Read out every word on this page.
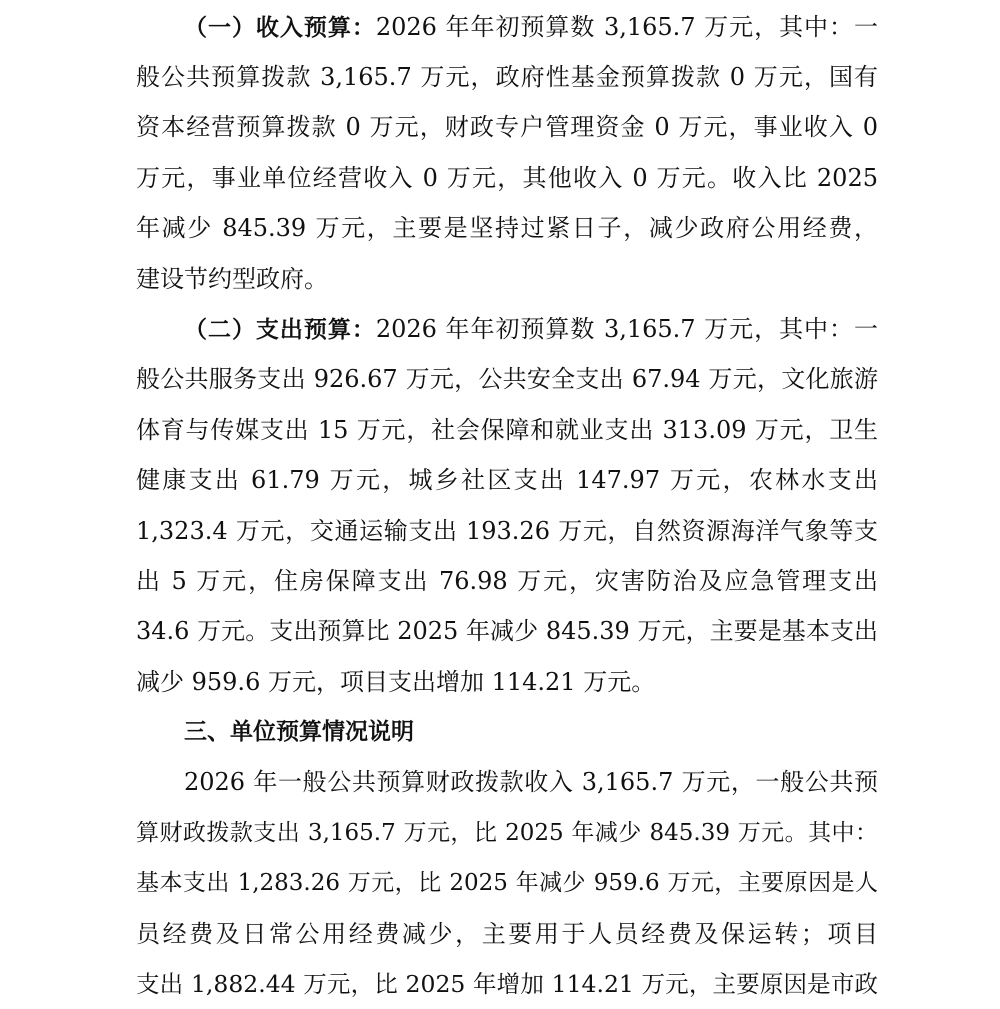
（一）收入预算：2026 年年初预算数 3,165.7 万元，其中：一
般公共预算拨款 3,165.7 万元，政府性基金预算拨款 0 万元，国有
资本经营预算拨款 0 万元，财政专户管理资金 0 万元，事业收入 0
万元，事业单位经营收入 0 万元，其他收入 0 万元。收入比 2025
年减少 845.39 万元，主要是坚持过紧日子，减少政府公用经费，
建设节约型政府。
（二）支出预算：2026 年年初预算数 3,165.7 万元，其中：一
般公共服务支出 926.67 万元，公共安全支出 67.94 万元，文化旅游
体育与传媒支出 15 万元，社会保障和就业支出 313.09 万元，卫生
健康支出 61.79 万元，城乡社区支出 147.97 万元，农林水支出
1,323.4 万元，交通运输支出 193.26 万元，自然资源海洋气象等支
出 5 万元，住房保障支出 76.98 万元，灾害防治及应急管理支出
34.6 万元。支出预算比 2025 年减少 845.39 万元，主要是基本支出
减少 959.6 万元，项目支出增加 114.21 万元。
三、单位预算情况说明
2026 年一般公共预算财政拨款收入 3,165.7 万元，一般公共预
算财政拨款支出 3,165.7 万元，比 2025 年减少 845.39 万元。其中：
基本支出 1,283.26 万元，比 2025 年减少 959.6 万元，主要原因是人
员经费及日常公用经费减少，主要用于人员经费及保运转；项目
支出 1,882.44 万元，比 2025 年增加 114.21 万元，主要原因是市政
